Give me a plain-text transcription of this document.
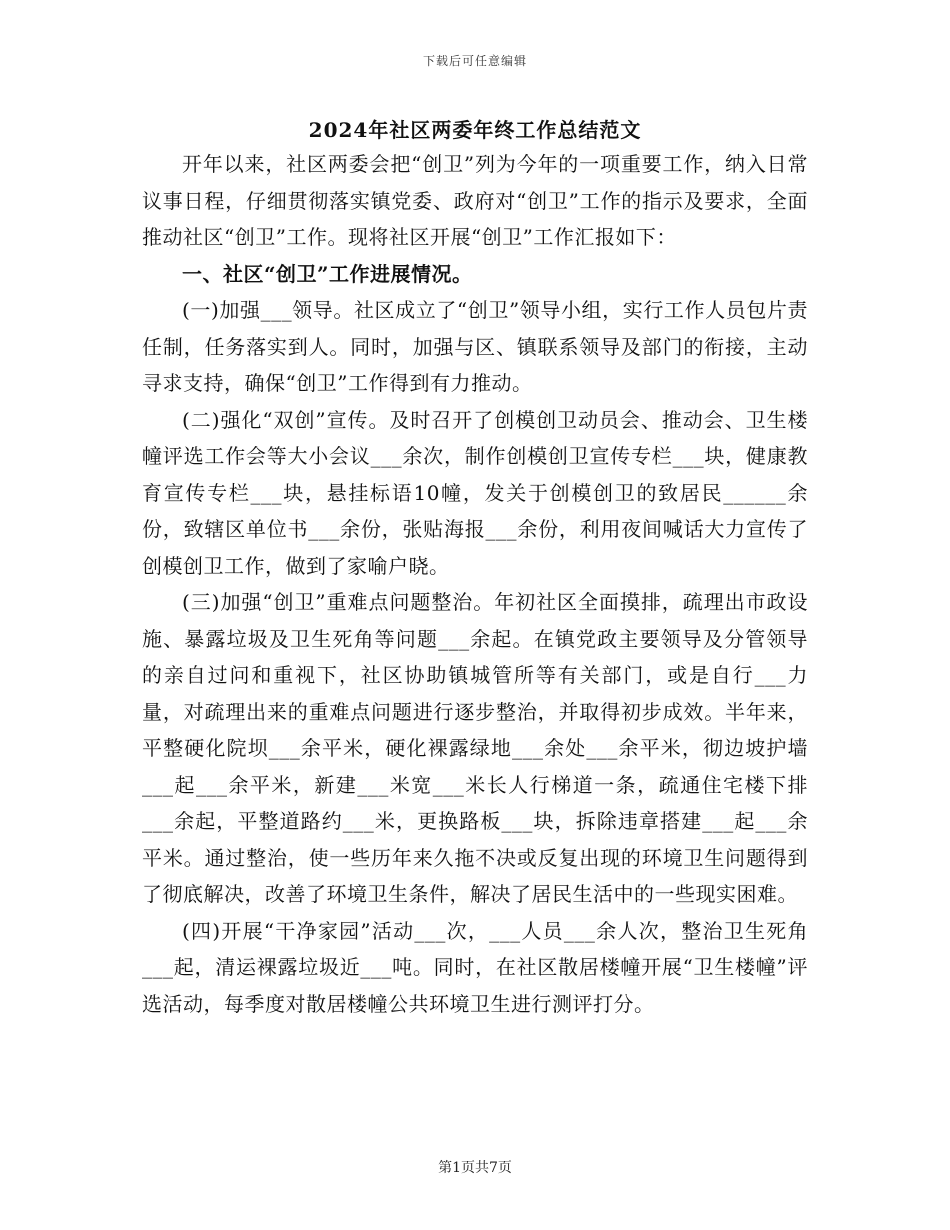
下载后可任意编辑
2024年社区两委年终工作总结范文

开年以来，社区两委会把“创卫”列为今年的一项重要工作，纳入日常议事日程，仔细贯彻落实镇党委、政府对“创卫”工作的指示及要求，全面推动社区“创卫”工作。现将社区开展“创卫”工作汇报如下：

一、社区“创卫”工作进展情况。

(一)加强___领导。社区成立了“创卫”领导小组，实行工作人员包片责任制，任务落实到人。同时，加强与区、镇联系领导及部门的衔接，主动寻求支持，确保“创卫”工作得到有力推动。

(二)强化“双创”宣传。及时召开了创模创卫动员会、推动会、卫生楼幢评选工作会等大小会议___余次，制作创模创卫宣传专栏___块，健康教育宣传专栏___块，悬挂标语10幢，发关于创模创卫的致居民______余份，致辖区单位书___余份，张贴海报___余份，利用夜间喊话大力宣传了创模创卫工作，做到了家喻户晓。

(三)加强“创卫”重难点问题整治。年初社区全面摸排，疏理出市政设施、暴露垃圾及卫生死角等问题___余起。在镇党政主要领导及分管领导的亲自过问和重视下，社区协助镇城管所等有关部门，或是自行___力量，对疏理出来的重难点问题进行逐步整治，并取得初步成效。半年来，平整硬化院坝___余平米，硬化裸露绿地___余处___余平米，彻边坡护墙___起___余平米，新建___米宽___米长人行梯道一条，疏通住宅楼下排___余起，平整道路约___米，更换路板___块，拆除违章搭建___起___余平米。通过整治，使一些历年来久拖不决或反复出现的环境卫生问题得到了彻底解决，改善了环境卫生条件，解决了居民生活中的一些现实困难。

(四)开展“干净家园”活动___次，___人员___余人次，整治卫生死角___起，清运裸露垃圾近___吨。同时，在社区散居楼幢开展“卫生楼幢”评选活动，每季度对散居楼幢公共环境卫生进行测评打分。

第1页共7页
